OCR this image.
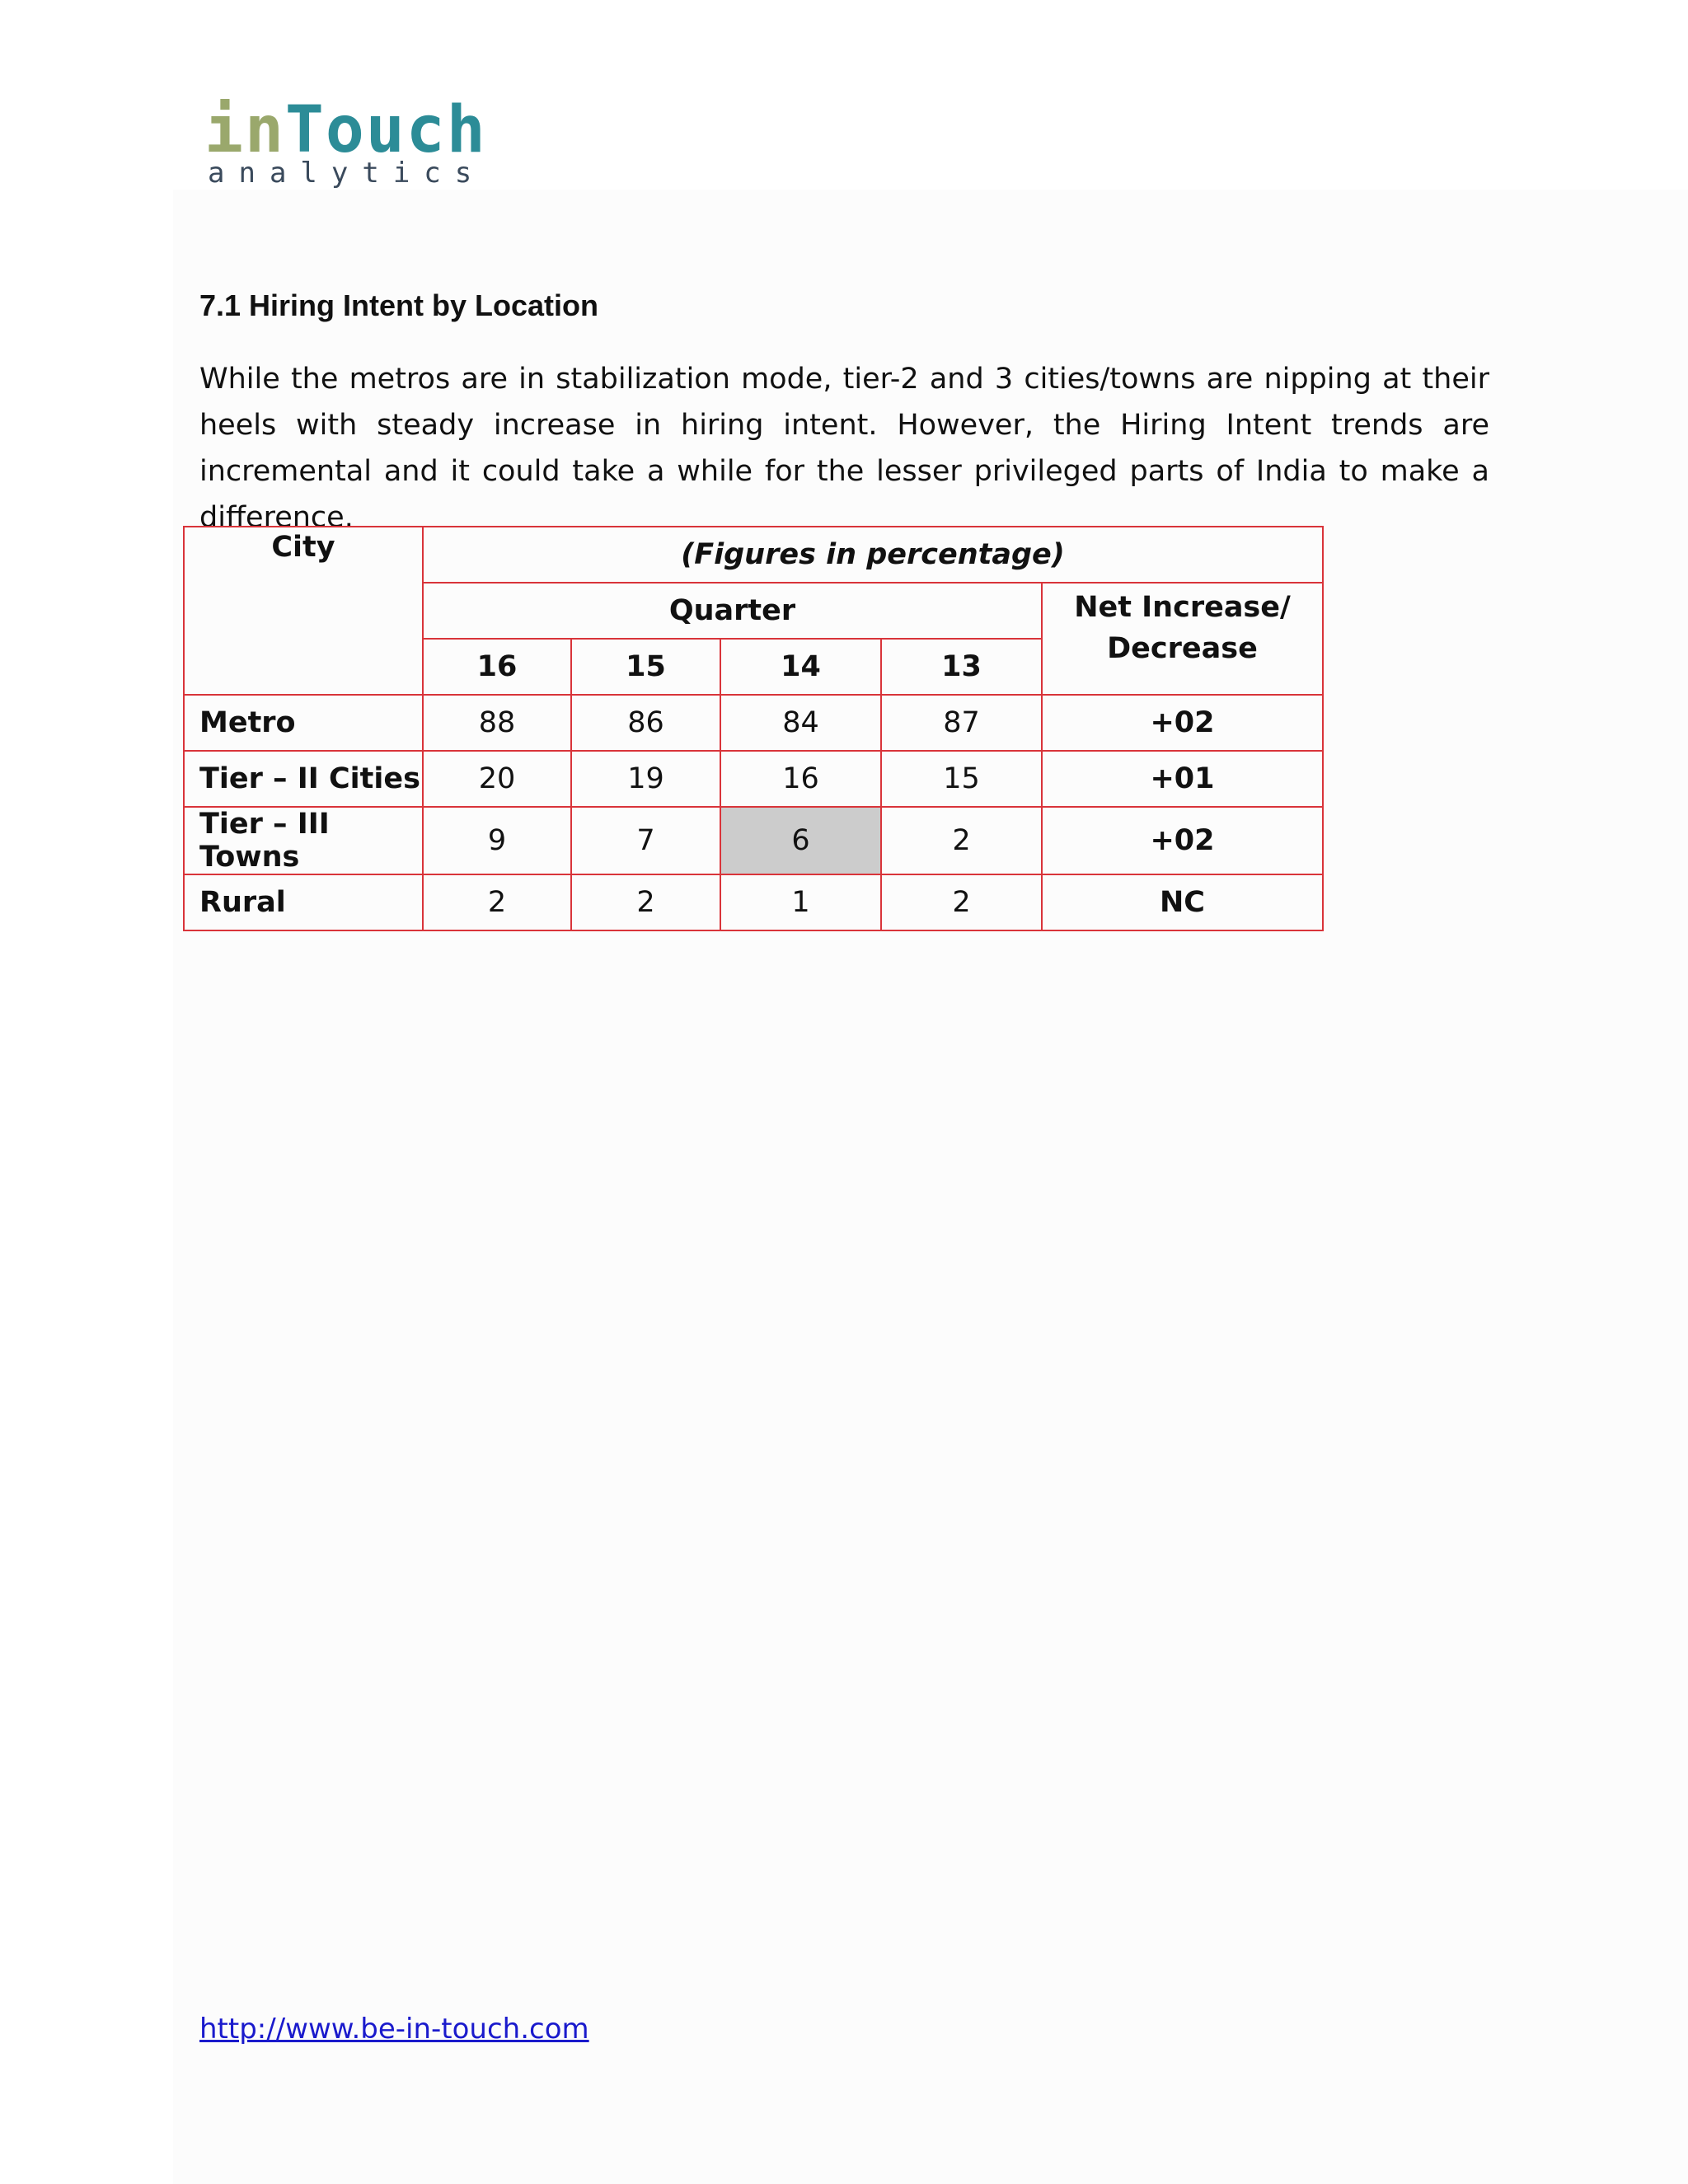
inTouch
analytics
7.1 Hiring Intent by Location
While the metros are in stabilization mode, tier-2 and 3 cities/towns are nipping at their heels with steady increase in hiring intent. However, the Hiring Intent trends are incremental and it could take a while for the lesser privileged parts of India to make a difference.
City	(Figures in percentage)				
	Quarter				Net Increase/
Decrease
	16	15	14	13	
Metro	88	86	84	87	+02
Tier – II Cities	20	19	16	15	+01
Tier – III Towns	9	7	6	2	+02
Rural	2	2	1	2	NC
http://www.be-in-touch.com
